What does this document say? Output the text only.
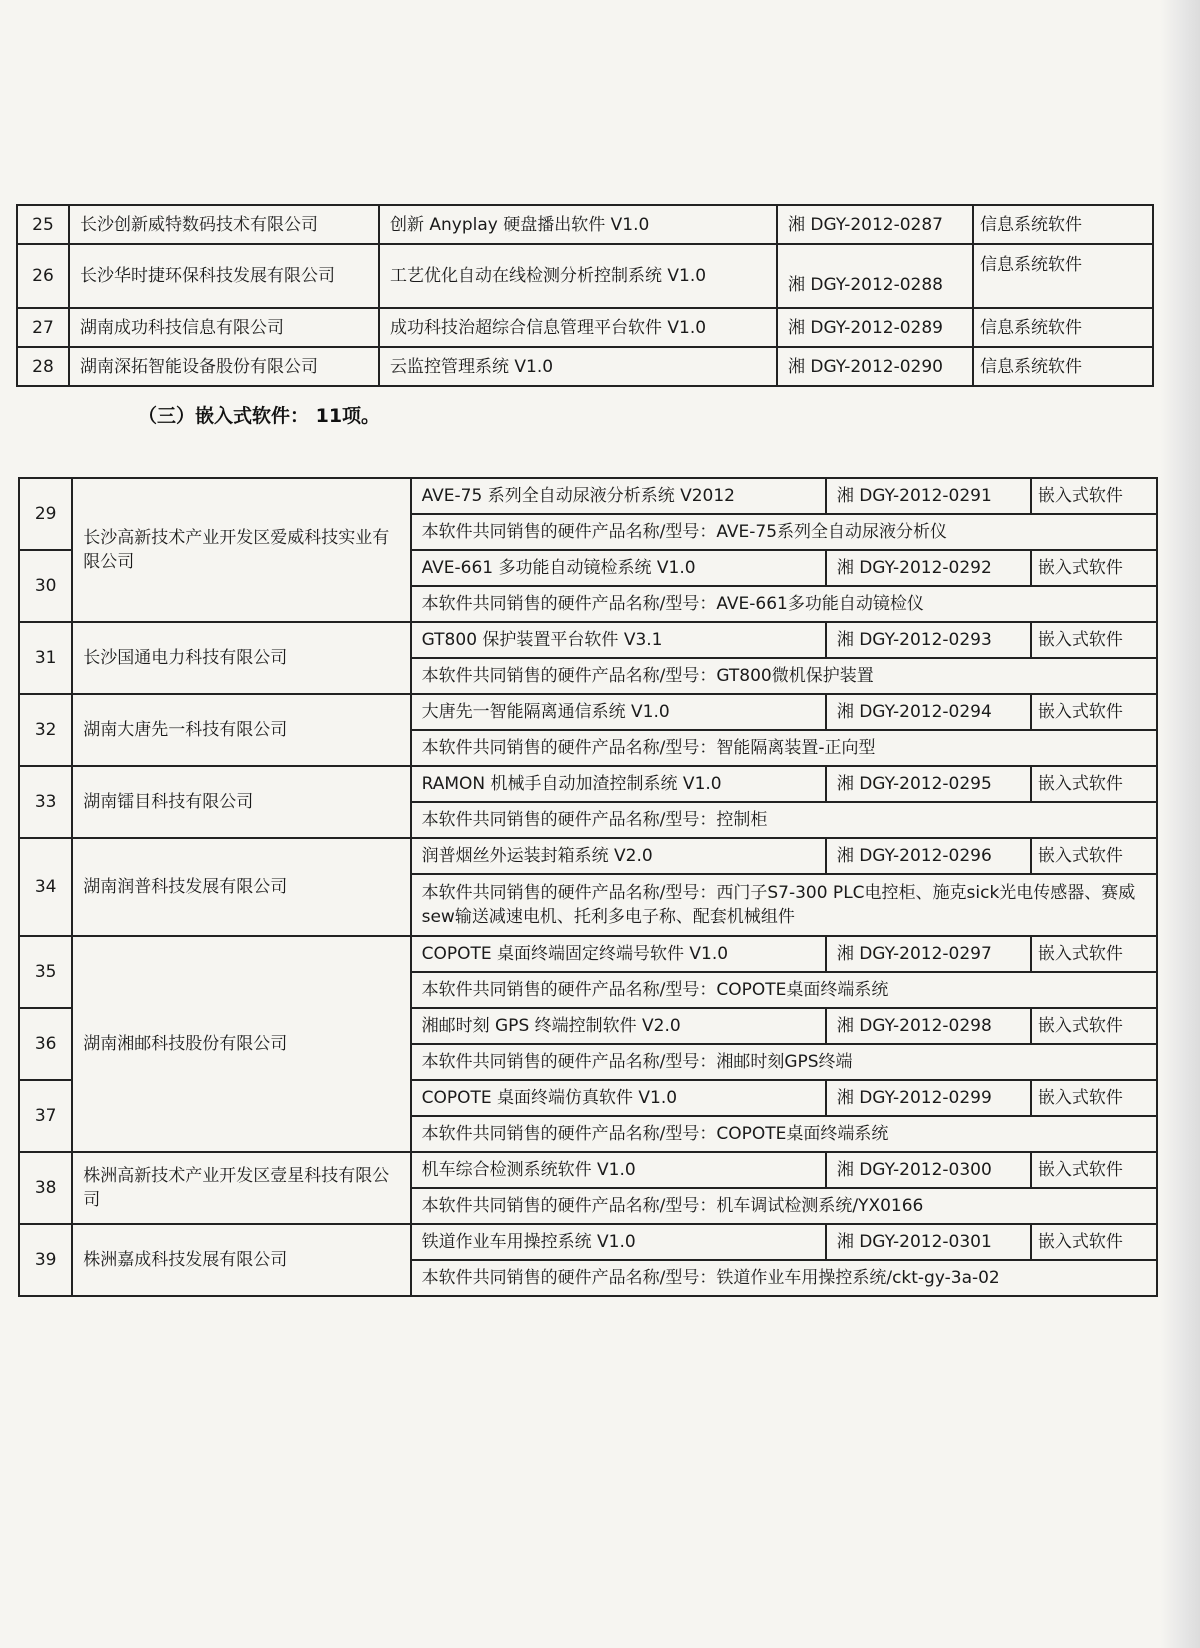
25	长沙创新威特数码技术有限公司	创新 Anyplay 硬盘播出软件 V1.0	湘 DGY-2012-0287	信息系统软件
26	长沙华时捷环保科技发展有限公司	工艺优化自动在线检测分析控制系统 V1.0	湘 DGY-2012-0288	信息系统软件

27	湖南成功科技信息有限公司	成功科技治超综合信息管理平台软件 V1.0	湘 DGY-2012-0289	信息系统软件
28	湖南深拓智能设备股份有限公司	云监控管理系统 V1.0	湘 DGY-2012-0290	信息系统软件
（三）嵌入式软件： 11项。
29	长沙高新技术产业开发区爱威科技实业有限公司	AVE-75 系列全自动尿液分析系统 V2012	湘 DGY-2012-0291	嵌入式软件
		本软件共同销售的硬件产品名称/型号：AVE-75系列全自动尿液分析仪		
30		AVE-661 多功能自动镜检系统 V1.0	湘 DGY-2012-0292	嵌入式软件
		本软件共同销售的硬件产品名称/型号：AVE-661多功能自动镜检仪		
31	长沙国通电力科技有限公司	GT800 保护装置平台软件 V3.1	湘 DGY-2012-0293	嵌入式软件
		本软件共同销售的硬件产品名称/型号：GT800微机保护装置		
32	湖南大唐先一科技有限公司	大唐先一智能隔离通信系统 V1.0	湘 DGY-2012-0294	嵌入式软件
		本软件共同销售的硬件产品名称/型号：智能隔离装置-正向型		
33	湖南镭目科技有限公司	RAMON 机械手自动加渣控制系统 V1.0	湘 DGY-2012-0295	嵌入式软件
		本软件共同销售的硬件产品名称/型号：控制柜		
34	湖南润普科技发展有限公司	润普烟丝外运装封箱系统 V2.0	湘 DGY-2012-0296	嵌入式软件
		本软件共同销售的硬件产品名称/型号：西门子S7-300 PLC电控柜、施克sick光电传感器、赛威sew输送减速电机、托利多电子称、配套机械组件		
35	湖南湘邮科技股份有限公司	COPOTE 桌面终端固定终端号软件 V1.0	湘 DGY-2012-0297	嵌入式软件
		本软件共同销售的硬件产品名称/型号：COPOTE桌面终端系统		
36		湘邮时刻 GPS 终端控制软件 V2.0	湘 DGY-2012-0298	嵌入式软件
		本软件共同销售的硬件产品名称/型号：湘邮时刻GPS终端		
37		COPOTE 桌面终端仿真软件 V1.0	湘 DGY-2012-0299	嵌入式软件
		本软件共同销售的硬件产品名称/型号：COPOTE桌面终端系统		
38	株洲高新技术产业开发区壹星科技有限公司	机车综合检测系统软件 V1.0	湘 DGY-2012-0300	嵌入式软件
		本软件共同销售的硬件产品名称/型号：机车调试检测系统/YX0166		
39	株洲嘉成科技发展有限公司	铁道作业车用操控系统 V1.0	湘 DGY-2012-0301	嵌入式软件
		本软件共同销售的硬件产品名称/型号：铁道作业车用操控系统/ckt-gy-3a-02		
